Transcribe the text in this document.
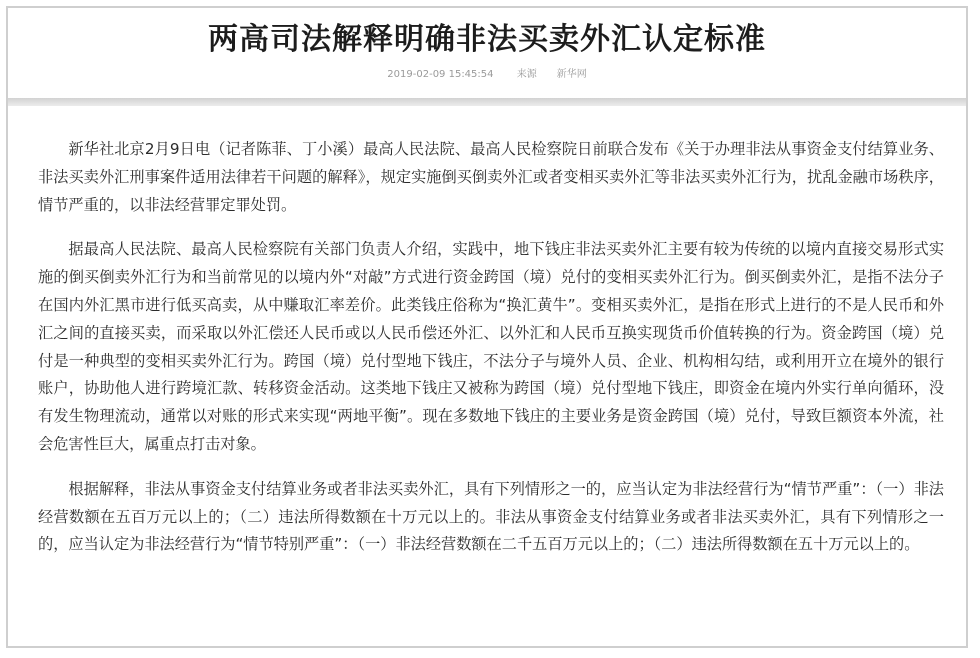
两高司法解释明确非法买卖外汇认定标准
2019-02-09 15:45:54 来源 新华网

新华社北京2月9日电（记者陈菲、丁小溪）最高人民法院、最高人民检察院日前联合发布《关于办理非法从事资金支付结算业务、非法买卖外汇刑事案件适用法律若干问题的解释》，规定实施倒买倒卖外汇或者变相买卖外汇等非法买卖外汇行为，扰乱金融市场秩序，情节严重的，以非法经营罪定罪处罚。

据最高人民法院、最高人民检察院有关部门负责人介绍，实践中，地下钱庄非法买卖外汇主要有较为传统的以境内直接交易形式实施的倒买倒卖外汇行为和当前常见的以境内外“对敲”方式进行资金跨国（境）兑付的变相买卖外汇行为。倒买倒卖外汇，是指不法分子在国内外汇黑市进行低买高卖，从中赚取汇率差价。此类钱庄俗称为“换汇黄牛”。变相买卖外汇，是指在形式上进行的不是人民币和外汇之间的直接买卖，而采取以外汇偿还人民币或以人民币偿还外汇、以外汇和人民币互换实现货币价值转换的行为。资金跨国（境）兑付是一种典型的变相买卖外汇行为。跨国（境）兑付型地下钱庄，不法分子与境外人员、企业、机构相勾结，或利用开立在境外的银行账户，协助他人进行跨境汇款、转移资金活动。这类地下钱庄又被称为跨国（境）兑付型地下钱庄，即资金在境内外实行单向循环，没有发生物理流动，通常以对账的形式来实现“两地平衡”。现在多数地下钱庄的主要业务是资金跨国（境）兑付，导致巨额资本外流，社会危害性巨大，属重点打击对象。

根据解释，非法从事资金支付结算业务或者非法买卖外汇，具有下列情形之一的，应当认定为非法经营行为“情节严重”：（一）非法经营数额在五百万元以上的；（二）违法所得数额在十万元以上的。非法从事资金支付结算业务或者非法买卖外汇，具有下列情形之一的，应当认定为非法经营行为“情节特别严重”：（一）非法经营数额在二千五百万元以上的；（二）违法所得数额在五十万元以上的。
